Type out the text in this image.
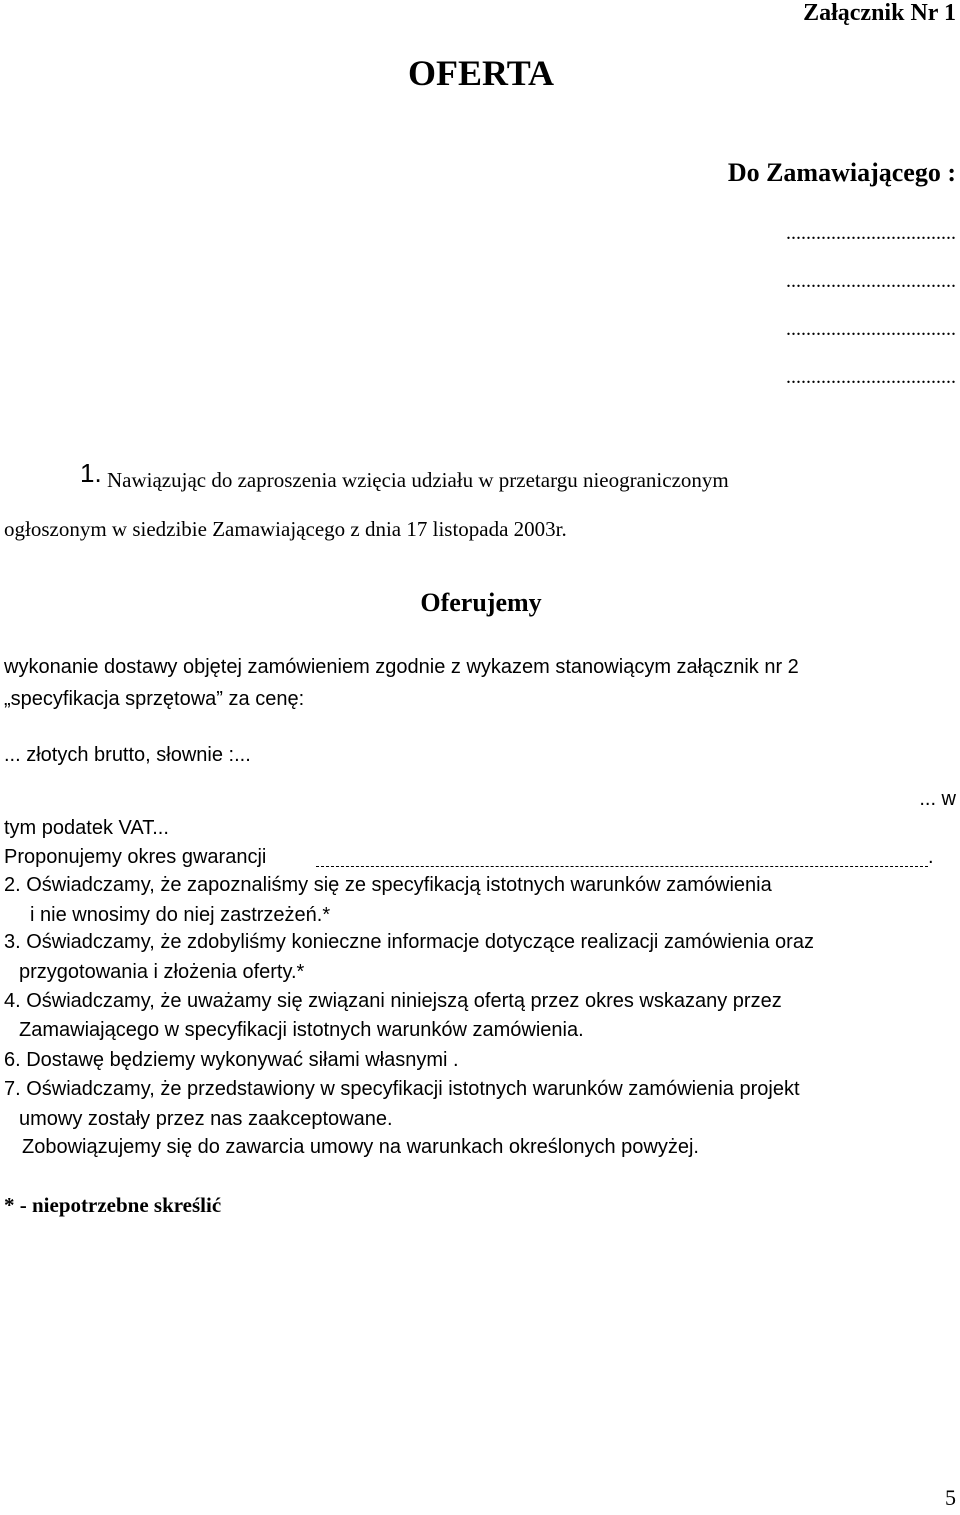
Załącznik Nr 1
OFERTA
Do Zamawiającego :
..................................
..................................
..................................
..................................
1. Nawiązując do zaproszenia wzięcia udziału w przetargu nieograniczonym
ogłoszonym w siedzibie Zamawiającego z dnia 17 listopada 2003r.
Oferujemy
wykonanie dostawy objętej zamówieniem zgodnie z wykazem stanowiącym załącznik nr 2
„specyfikacja sprzętowa” za cenę:
... złotych brutto, słownie :...
... w
tym podatek VAT...
Proponujemy okres gwarancji	.
2. Oświadczamy, że zapoznaliśmy się ze specyfikacją istotnych warunków zamówienia
i nie wnosimy do niej zastrzeżeń.*
3. Oświadczamy, że zdobyliśmy konieczne informacje dotyczące realizacji zamówienia oraz
przygotowania i złożenia oferty.*
4. Oświadczamy, że uważamy się związani niniejszą ofertą przez okres wskazany przez
Zamawiającego w specyfikacji istotnych warunków zamówienia.
6. Dostawę będziemy wykonywać siłami własnymi .
7. Oświadczamy, że przedstawiony w specyfikacji istotnych warunków zamówienia projekt
umowy zostały przez nas zaakceptowane.
Zobowiązujemy się do zawarcia umowy na warunkach określonych powyżej.
* - niepotrzebne skreślić
5
